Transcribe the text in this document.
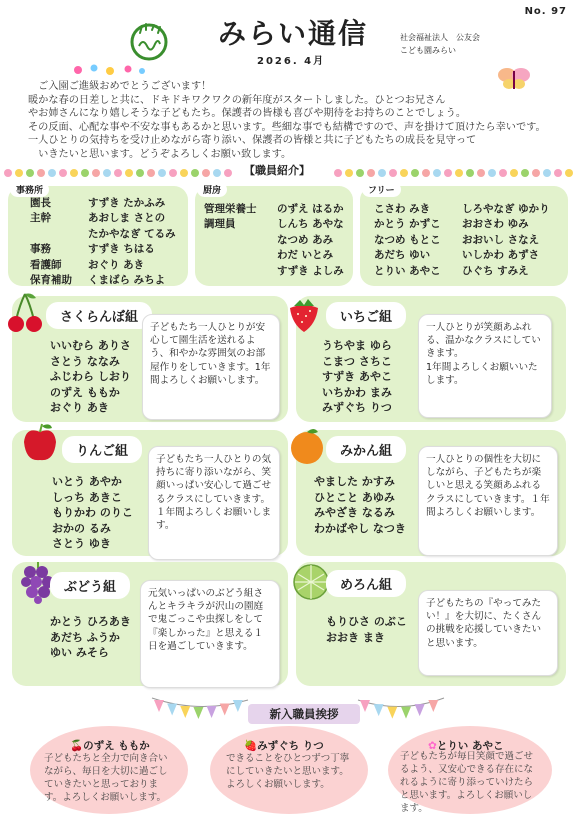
No. 97
みらい通信
2026. 4月
社会福祉法人　公友会
こども園みらい
　ご入園ご進級おめでとうございます！
暖かな春の日差しと共に、ドキドキワクワクの新年度がスタートしました。ひとつお兄さん
やお姉さんになり嬉しそうな子どもたち。保護者の皆様も喜びや期待をお持ちのことでしょう。
その反面、心配な事や不安な事もあるかと思います。些細な事でも結構ですので、声を掛けて頂けたら幸いです。
一人ひとりの気持ちを受け止めながら寄り添い、保護者の皆様と共に子どもたちの成長を見守って
　いきたいと思います。どうぞよろしくお願い致します。
【職員紹介】
事務所
園長
主幹

事務
看護師
保育補助
すずき たかふみ
あおしま さとの
たかやなぎ てるみ
すずき ちはる
おぐり あき
くまばら みちよ
厨房
管理栄養士
調理員
のずえ はるか
しんち あやな
なつめ あみ
わだ いとみ
すずき よしみ
フリー
こさわ みき
かとう かずこ
なつめ もとこ
あだち ゆい
とりい あやこ
しろやなぎ ゆかり
おおさわ ゆみ
おおいし さなえ
いしかわ あずさ
ひぐち すみえ
さくらんぼ組
いいむら ありさ
さとう ななみ
ふじわら しおり
のずえ ももか
おぐり あき
子どもたち一人ひとりが安心して園生活を送れるよう、和やかな雰囲気のお部屋作りをしていきます。1年間よろしくお願いします。
いちご組
うちやま ゆら
こまつ さちこ
すずき あやこ
いちかわ まみ
みずぐち りつ
一人ひとりが笑顔あふれる、温かなクラスにしていきます。
1年間よろしくお願いいたします。
りんご組
いとう あやか
しっち あきこ
もりかわ のりこ
おかの るみ
さとう ゆき
子どもたち一人ひとりの気持ちに寄り添いながら、笑顔いっぱい安心して過ごせるクラスにしていきます。
１年間よろしくお願いします。
みかん組
やました かすみ
ひとこと あゆみ
みやざき なるみ
わかばやし なつき
一人ひとりの個性を大切にしながら、子どもたちが楽しいと思える笑顔あふれるクラスにしていきます。１年間よろしくお願いします。
ぶどう組
かとう ひろあき
あだち ふうか
ゆい みそら
元気いっぱいのぶどう組さんとキラキラが沢山の園庭で鬼ごっこや虫探しをして『楽しかった』と思える１日を過ごしていきます。
めろん組
もりひさ のぶこ
おおき まき
子どもたちの『やってみたい！』を大切に、たくさんの挑戦を応援していきたいと思います。
新入職員挨拶
🍒のずえ ももか
子どもたちと全力で向き合いながら、毎日を大切に過ごしていきたいと思っております。よろしくお願いします。
🍓みずぐち りつ
できることをひとつずつ丁寧にしていきたいと思います。
よろしくお願いします。
✿とりい あやこ
子どもたちが毎日笑顔で過ごせるよう、又安心できる存在になれるように寄り添っていけたらと思います。よろしくお願いします。
